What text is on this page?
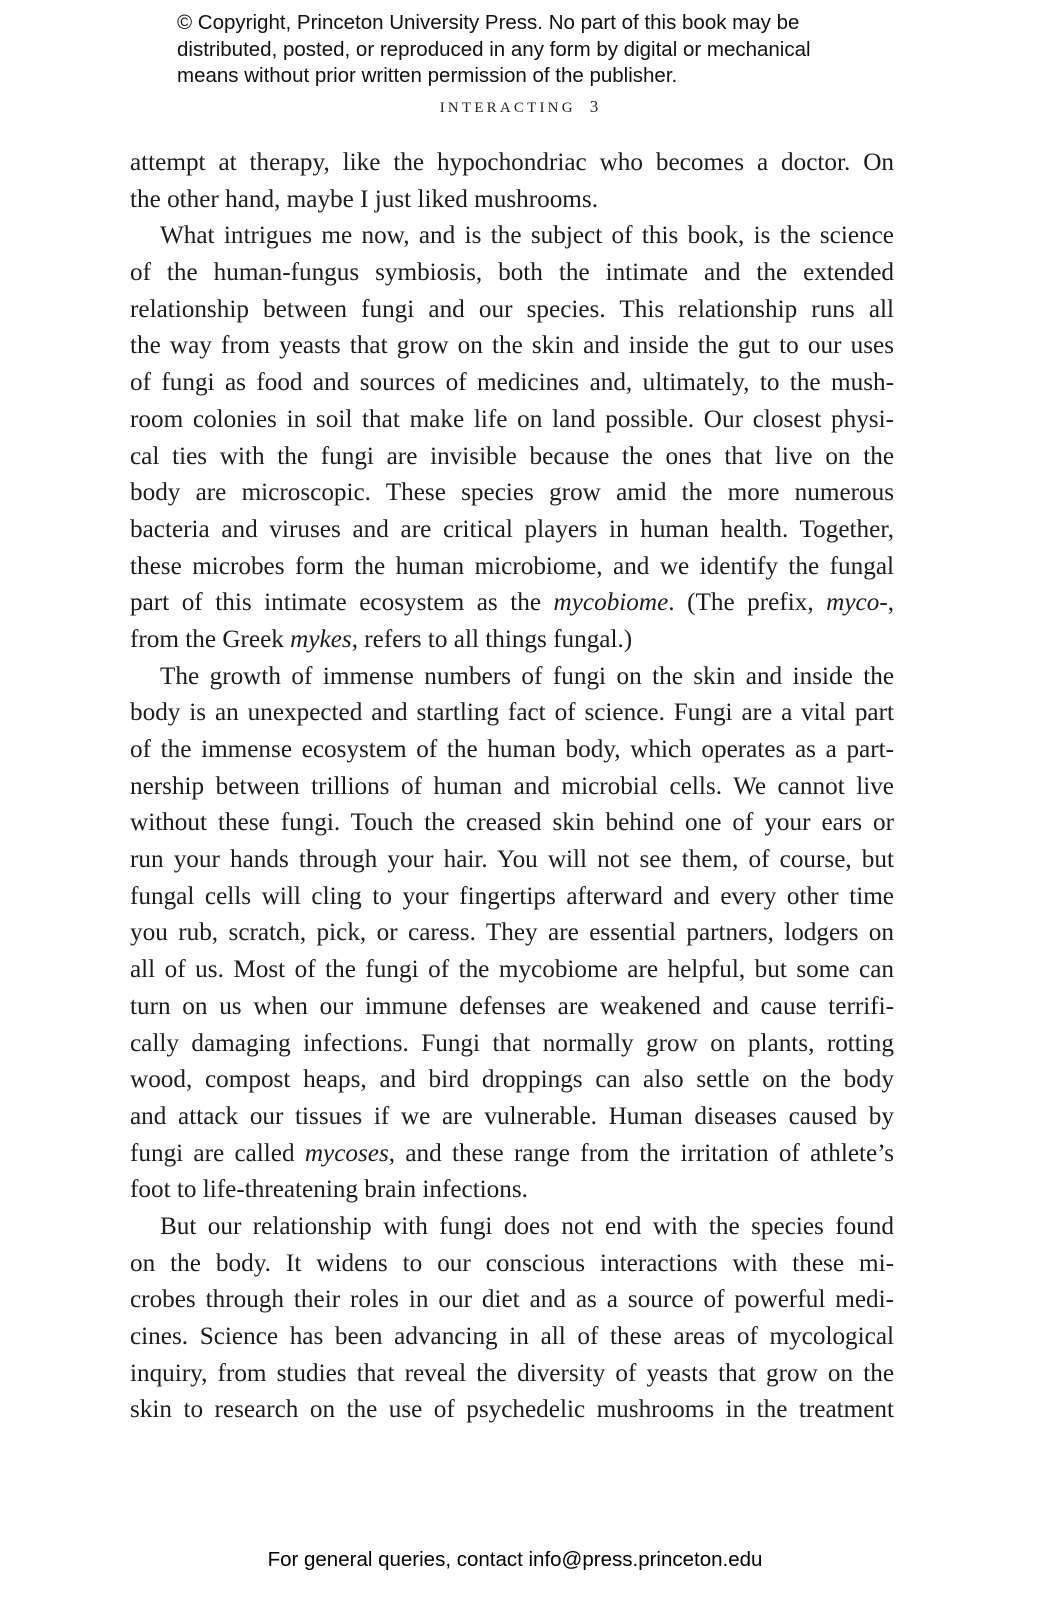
© Copyright, Princeton University Press. No part of this book may be
distributed, posted, or reproduced in any form by digital or mechanical
means without prior written permission of the publisher.
INTERACTING 3
attempt at therapy, like the hypochondriac who becomes a doctor. On
the other hand, maybe I just liked mushrooms.
What intrigues me now, and is the subject of this book, is the science
of the human-fungus symbiosis, both the intimate and the extended
relationship between fungi and our species. This relationship runs all
the way from yeasts that grow on the skin and inside the gut to our uses
of fungi as food and sources of medicines and, ultimately, to the mush-
room colonies in soil that make life on land possible. Our closest physi-
cal ties with the fungi are invisible because the ones that live on the
body are microscopic. These species grow amid the more numerous
bacteria and viruses and are critical players in human health. Together,
these microbes form the human microbiome, and we identify the fungal
part of this intimate ecosystem as the mycobiome. (The prefix, myco-,
from the Greek mykes, refers to all things fungal.)
The growth of immense numbers of fungi on the skin and inside the
body is an unexpected and startling fact of science. Fungi are a vital part
of the immense ecosystem of the human body, which operates as a part-
nership between trillions of human and microbial cells. We cannot live
without these fungi. Touch the creased skin behind one of your ears or
run your hands through your hair. You will not see them, of course, but
fungal cells will cling to your fingertips afterward and every other time
you rub, scratch, pick, or caress. They are essential partners, lodgers on
all of us. Most of the fungi of the mycobiome are helpful, but some can
turn on us when our immune defenses are weakened and cause terrifi-
cally damaging infections. Fungi that normally grow on plants, rotting
wood, compost heaps, and bird droppings can also settle on the body
and attack our tissues if we are vulnerable. Human diseases caused by
fungi are called mycoses, and these range from the irritation of athlete’s
foot to life-threatening brain infections.
But our relationship with fungi does not end with the species found
on the body. It widens to our conscious interactions with these mi-
crobes through their roles in our diet and as a source of powerful medi-
cines. Science has been advancing in all of these areas of mycological
inquiry, from studies that reveal the diversity of yeasts that grow on the
skin to research on the use of psychedelic mushrooms in the treatment
For general queries, contact info@press.princeton.edu
